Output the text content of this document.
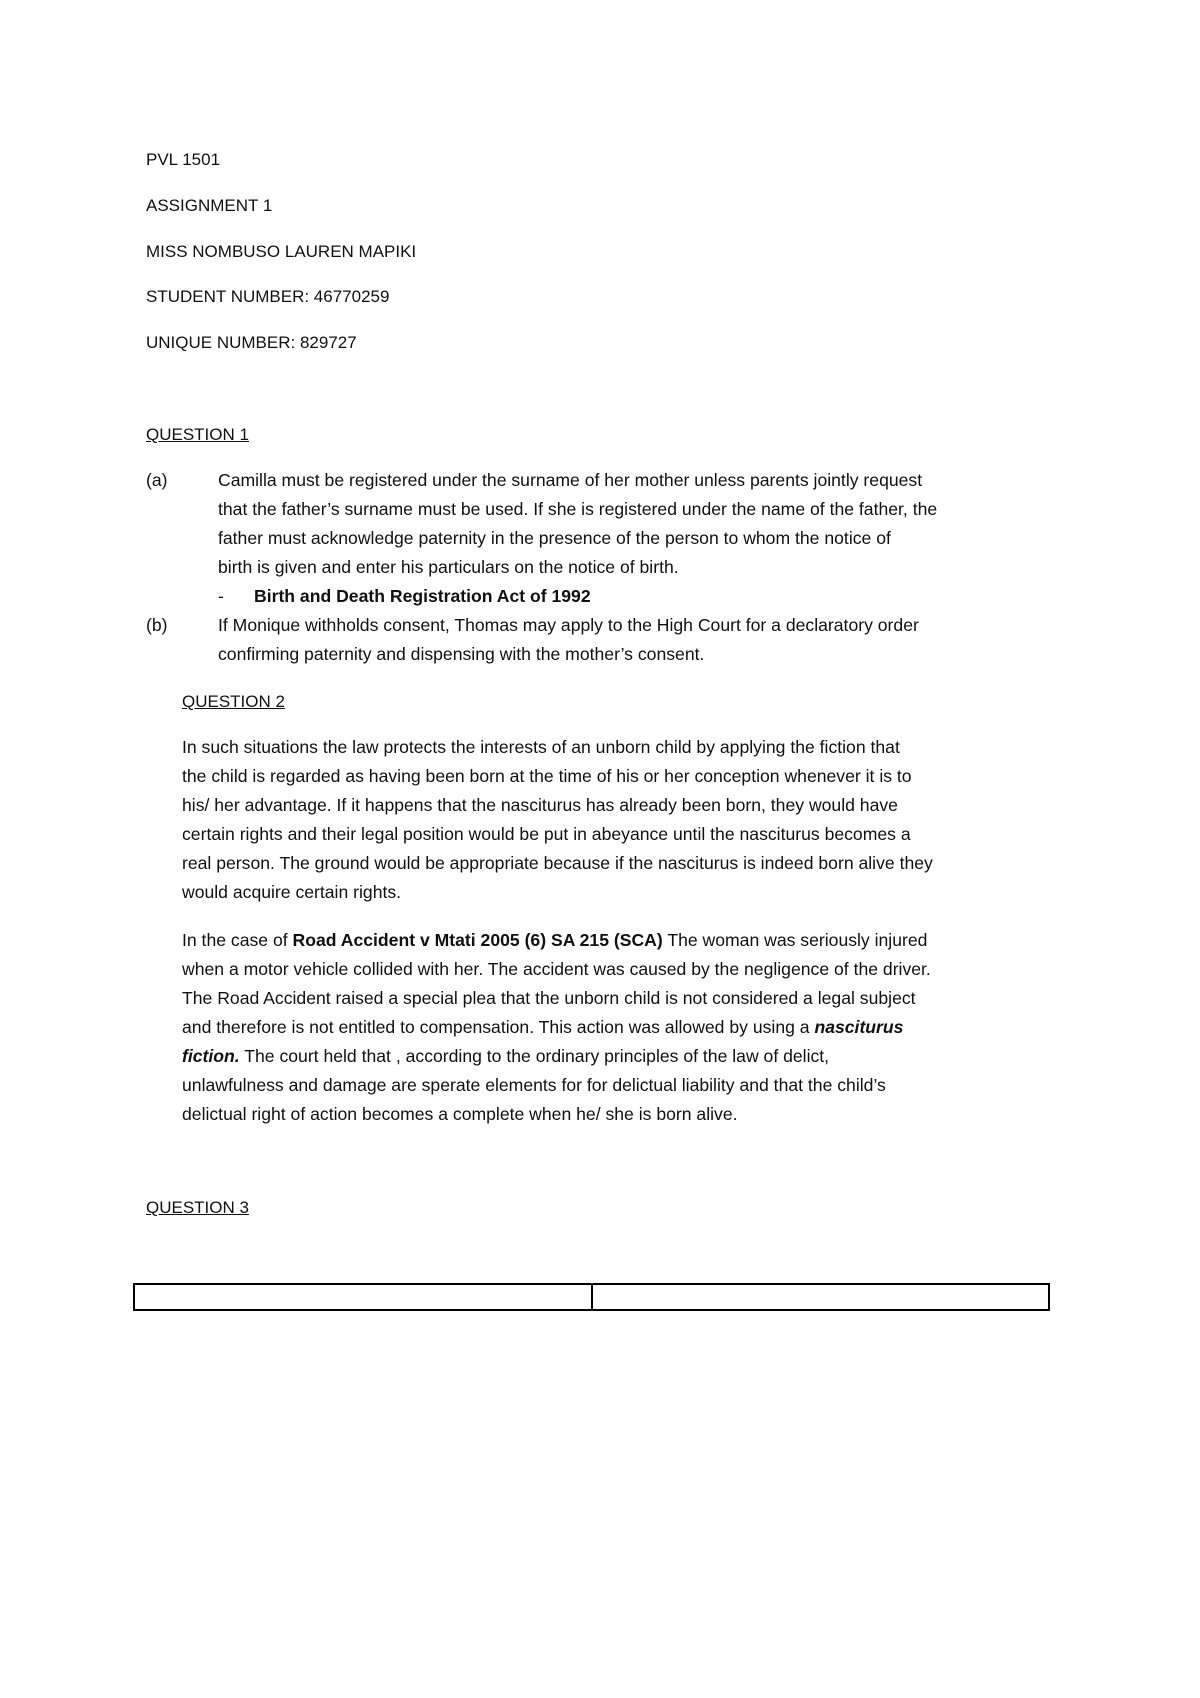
PVL 1501
ASSIGNMENT 1
MISS NOMBUSO LAUREN MAPIKI
STUDENT NUMBER: 46770259
UNIQUE NUMBER: 829727
QUESTION 1
(a)	Camilla must be registered under the surname of her mother unless parents jointly request
that the father’s surname must be used. If she is registered under the name of the father, the
father must acknowledge paternity in the presence of the person to whom the notice of
birth is given and enter his particulars on the notice of birth.
- Birth and Death Registration Act of 1992
(b)	If Monique withholds consent, Thomas may apply to the High Court for a declaratory order
confirming paternity and dispensing with the mother’s consent.
QUESTION 2
In such situations the law protects the interests of an unborn child by applying the fiction that
the child is regarded as having been born at the time of his or her conception whenever it is to
his/ her advantage. If it happens that the nasciturus has already been born, they would have
certain rights and their legal position would be put in abeyance until the nasciturus becomes a
real person. The ground would be appropriate because if the nasciturus is indeed born alive they
would acquire certain rights.
In the case of Road Accident v Mtati 2005 (6) SA 215 (SCA) The woman was seriously injured
when a motor vehicle collided with her. The accident was caused by the negligence of the driver.
The Road Accident raised a special plea that the unborn child is not considered a legal subject
and therefore is not entitled to compensation. This action was allowed by using a nasciturus
fiction. The court held that , according to the ordinary principles of the law of delict,
unlawfulness and damage are sperate elements for for delictual liability and that the child’s
delictual right of action becomes a complete when he/ she is born alive.
QUESTION 3
